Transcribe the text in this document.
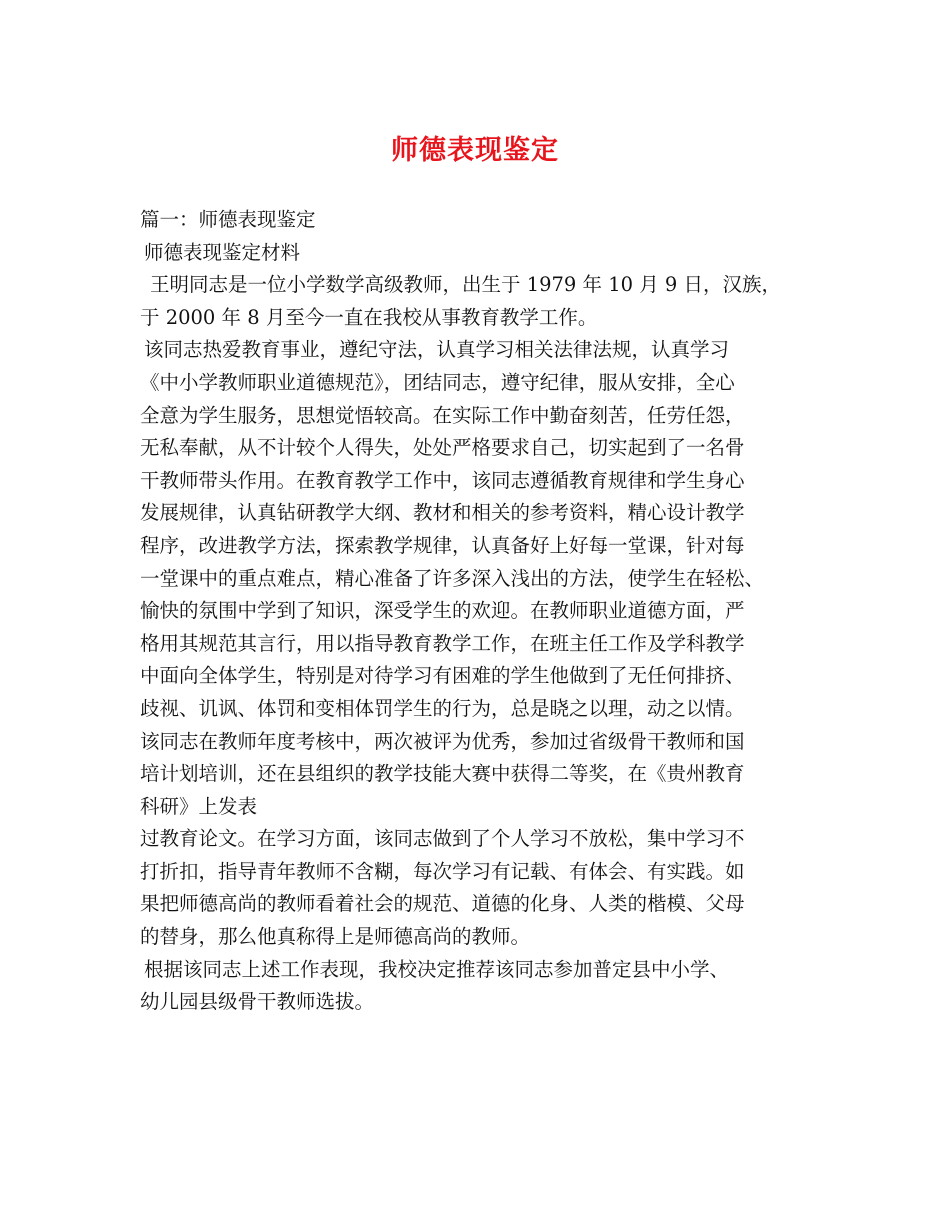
师德表现鉴定
篇一：师德表现鉴定
师德表现鉴定材料
王明同志是一位小学数学高级教师，出生于 1979 年 10 月 9 日，汉族，
于 2000 年 8 月至今一直在我校从事教育教学工作。
该同志热爱教育事业，遵纪守法，认真学习相关法律法规，认真学习
《中小学教师职业道德规范》，团结同志，遵守纪律，服从安排，全心
全意为学生服务，思想觉悟较高。在实际工作中勤奋刻苦，任劳任怨，
无私奉献，从不计较个人得失，处处严格要求自己，切实起到了一名骨
干教师带头作用。在教育教学工作中，该同志遵循教育规律和学生身心
发展规律，认真钻研教学大纲、教材和相关的参考资料，精心设计教学
程序，改进教学方法，探索教学规律，认真备好上好每一堂课，针对每
一堂课中的重点难点，精心准备了许多深入浅出的方法，使学生在轻松、
愉快的氛围中学到了知识，深受学生的欢迎。在教师职业道德方面，严
格用其规范其言行，用以指导教育教学工作，在班主任工作及学科教学
中面向全体学生，特别是对待学习有困难的学生他做到了无任何排挤、
歧视、讥讽、体罚和变相体罚学生的行为，总是晓之以理，动之以情。
该同志在教师年度考核中，两次被评为优秀，参加过省级骨干教师和国
培计划培训，还在县组织的教学技能大赛中获得二等奖，在《贵州教育
科研》上发表
过教育论文。在学习方面，该同志做到了个人学习不放松，集中学习不
打折扣，指导青年教师不含糊，每次学习有记载、有体会、有实践。如
果把师德高尚的教师看着社会的规范、道德的化身、人类的楷模、父母
的替身，那么他真称得上是师德高尚的教师。
根据该同志上述工作表现，我校决定推荐该同志参加普定县中小学、
幼儿园县级骨干教师选拔。
